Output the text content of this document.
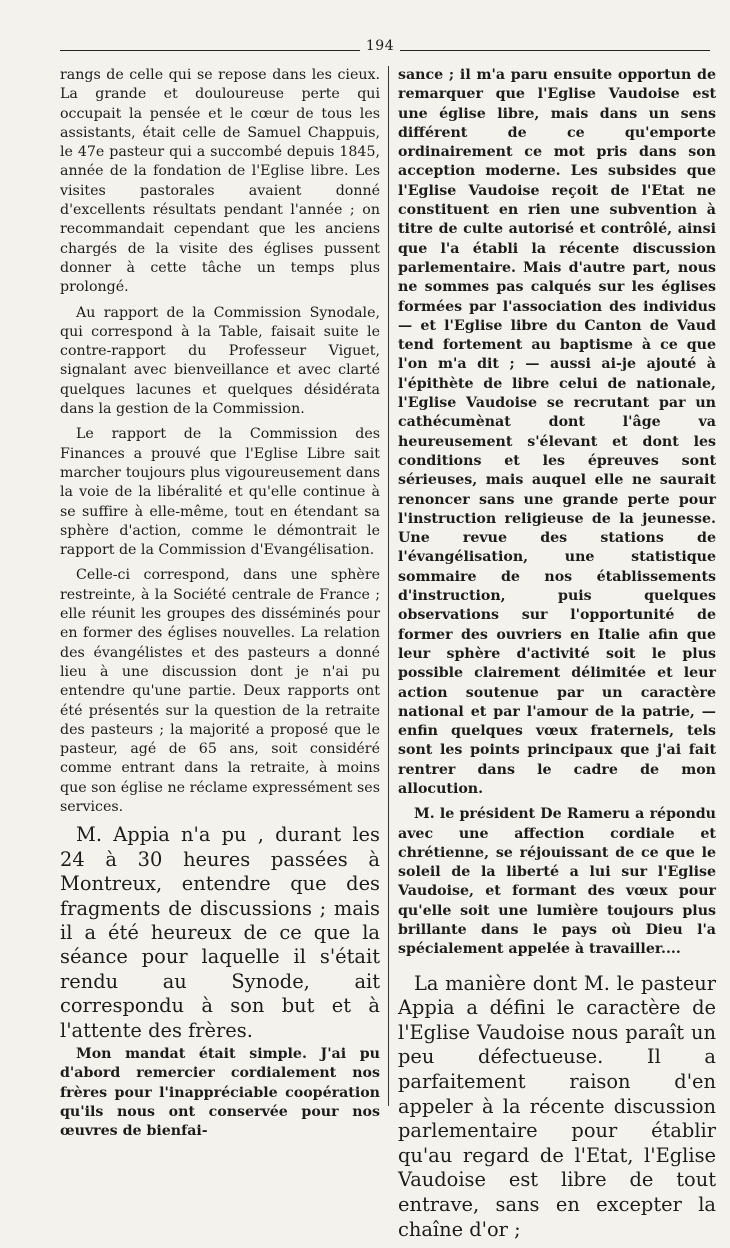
194

rangs de celle qui se repose dans les cieux. La grande et douloureuse perte qui occupait la pensée et le cœur de tous les assistants, était celle de Samuel Chappuis, le 47e pasteur qui a succombé depuis 1845, année de la fondation de l'Eglise libre. Les visites pastorales avaient donné d'excellents résultats pendant l'année ; on recommandait cependant que les anciens chargés de la visite des églises pussent donner à cette tâche un temps plus prolongé.

Au rapport de la Commission Synodale, qui correspond à la Table, faisait suite le contre-rapport du Professeur Viguet, signalant avec bienveillance et avec clarté quelques lacunes et quelques désidérata dans la gestion de la Commission.

Le rapport de la Commission des Finances a prouvé que l'Eglise Libre sait marcher toujours plus vigoureusement dans la voie de la libéralité et qu'elle continue à se suffire à elle-même, tout en étendant sa sphère d'action, comme le démontrait le rapport de la Commission d'Evangélisation.

Celle-ci correspond, dans une sphère restreinte, à la Société centrale de France ; elle réunit les groupes des disséminés pour en former des églises nouvelles. La relation des évangélistes et des pasteurs a donné lieu à une discussion dont je n'ai pu entendre qu'une partie. Deux rapports ont été présentés sur la question de la retraite des pasteurs ; la majorité a proposé que le pasteur, agé de 65 ans, soit considéré comme entrant dans la retraite, à moins que son église ne réclame expressément ses services.

M. Appia n'a pu , durant les 24 à 30 heures passées à Montreux, entendre que des fragments de discussions ; mais il a été heureux de ce que la séance pour laquelle il s'était rendu au Synode, ait correspondu à son but et à l'attente des frères.

Mon mandat était simple. J'ai pu d'abord remercier cordialement nos frères pour l'inappréciable coopération qu'ils nous ont conservée pour nos œuvres de bienfai-

sance ; il m'a paru ensuite opportun de remarquer que l'Eglise Vaudoise est une église libre, mais dans un sens différent de ce qu'emporte ordinairement ce mot pris dans son acception moderne. Les subsides que l'Eglise Vaudoise reçoit de l'Etat ne constituent en rien une subvention à titre de culte autorisé et contrôlé, ainsi que l'a établi la récente discussion parlementaire. Mais d'autre part, nous ne sommes pas calqués sur les églises formées par l'association des individus — et l'Eglise libre du Canton de Vaud tend fortement au baptisme à ce que l'on m'a dit ; — aussi ai-je ajouté à l'épithète de libre celui de nationale, l'Eglise Vaudoise se recrutant par un cathécumènat dont l'âge va heureusement s'élevant et dont les conditions et les épreuves sont sérieuses, mais auquel elle ne saurait renoncer sans une grande perte pour l'instruction religieuse de la jeunesse. Une revue des stations de l'évangélisation, une statistique sommaire de nos établissements d'instruction, puis quelques observations sur l'opportunité de former des ouvriers en Italie afin que leur sphère d'activité soit le plus possible clairement délimitée et leur action soutenue par un caractère national et par l'amour de la patrie, — enfin quelques vœux fraternels, tels sont les points principaux que j'ai fait rentrer dans le cadre de mon allocution.

M. le président De Rameru a répondu avec une affection cordiale et chrétienne, se réjouissant de ce que le soleil de la liberté a lui sur l'Eglise Vaudoise, et formant des vœux pour qu'elle soit une lumière toujours plus brillante dans le pays où Dieu l'a spécialement appelée à travailler....

La manière dont M. le pasteur Appia a défini le caractère de l'Eglise Vaudoise nous paraît un peu défectueuse. Il a parfaitement raison d'en appeler à la récente discussion parlementaire pour établir qu'au regard de l'Etat, l'Eglise Vaudoise est libre de tout entrave, sans en excepter la chaîne d'or ;
